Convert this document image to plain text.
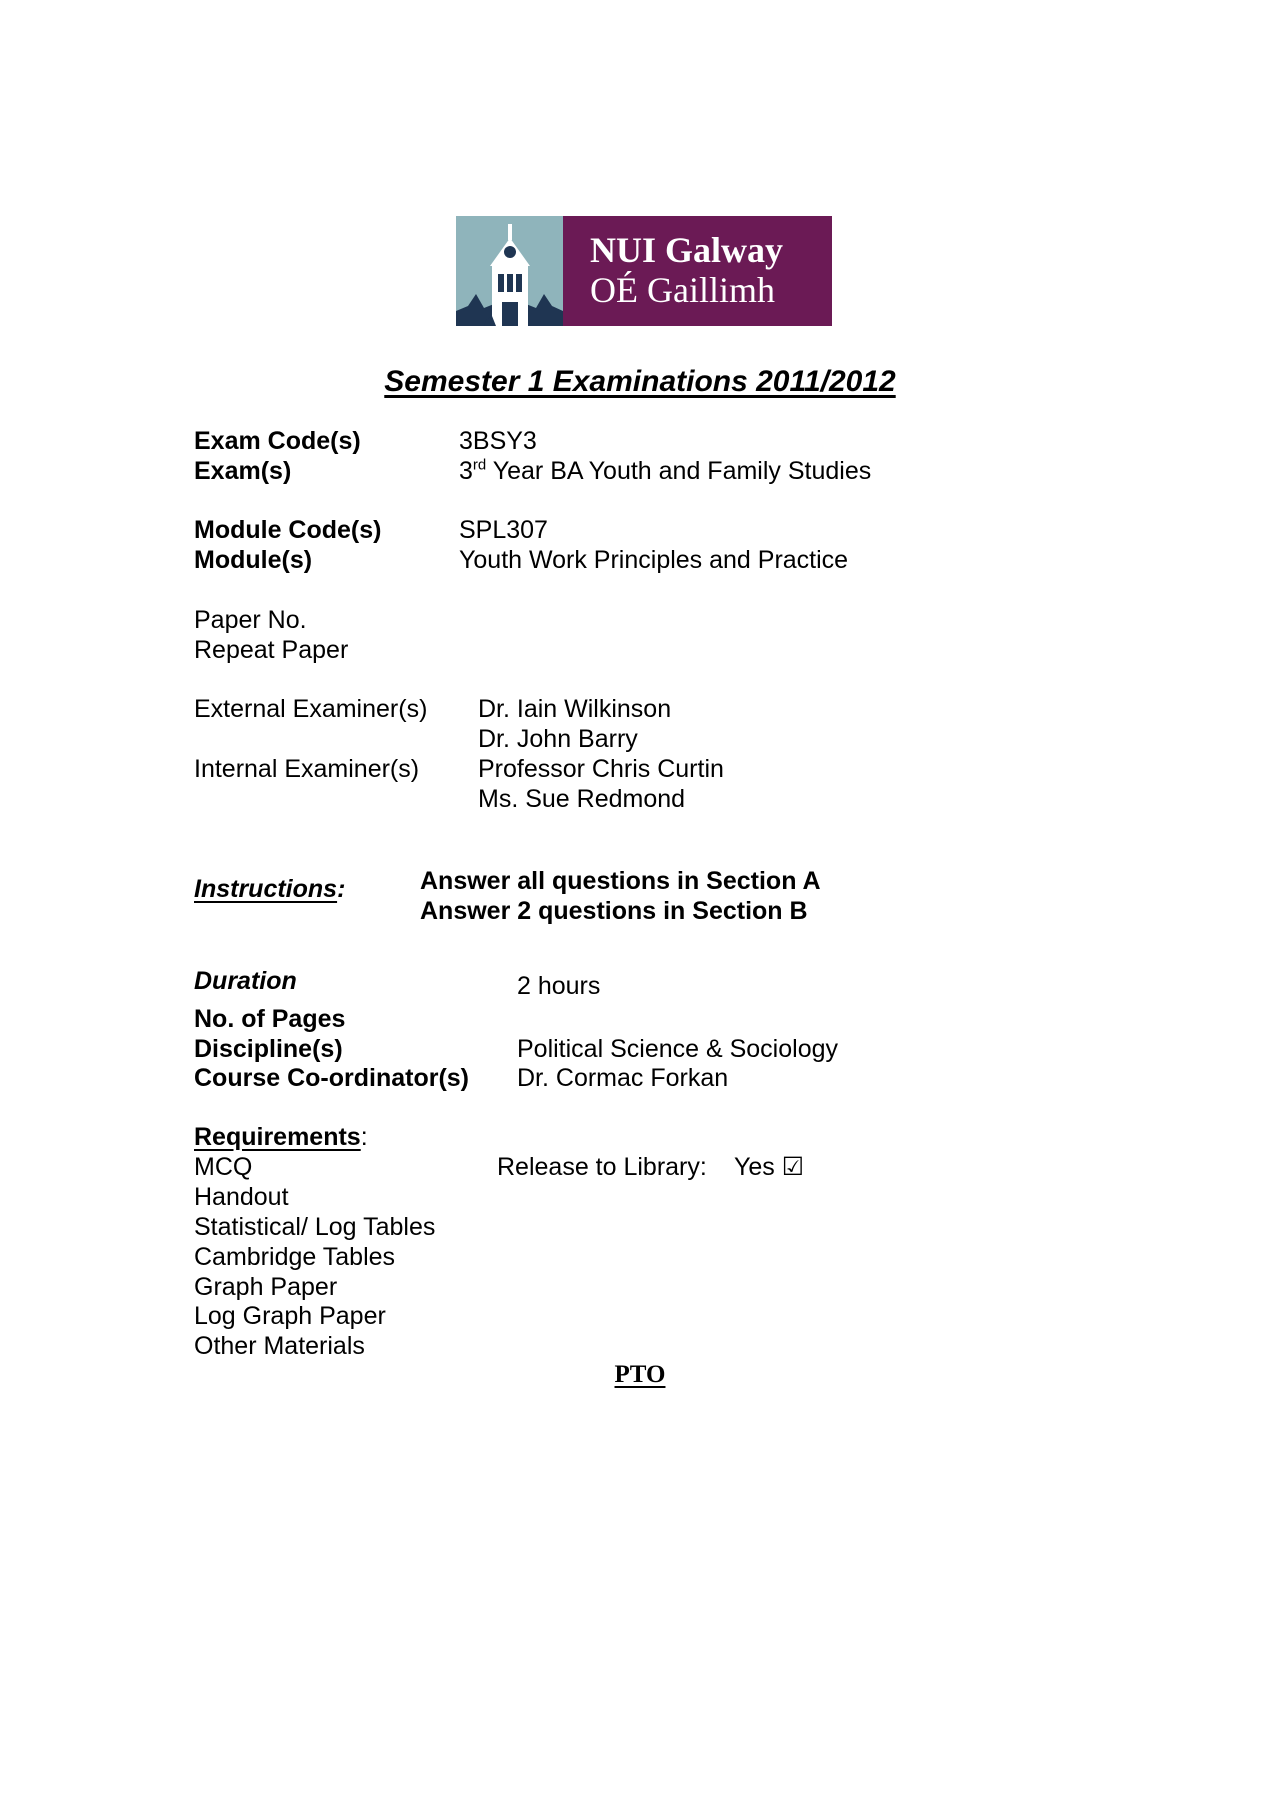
NUI Galway
OÉ Gaillimh
Semester 1 Examinations 2011/2012
Exam Code(s)	3BSY3
Exam(s)	3rd Year BA Youth and Family Studies
Module Code(s)	SPL307
Module(s)	Youth Work Principles and Practice
Paper No.
Repeat Paper
External Examiner(s) Dr. Iain Wilkinson
Dr. John Barry
Internal Examiner(s) Professor Chris Curtin
Ms. Sue Redmond
Instructions:	Answer all questions in Section A
Answer 2 questions in Section B
Duration	2 hours
No. of Pages
Discipline(s)	Political Science & Sociology
Course Co-ordinator(s) Dr. Cormac Forkan
Requirements:
MCQ
Handout
Statistical/ Log Tables
Cambridge Tables
Graph Paper
Log Graph Paper
Other Materials
Release to Library: Yes ☑
PTO
